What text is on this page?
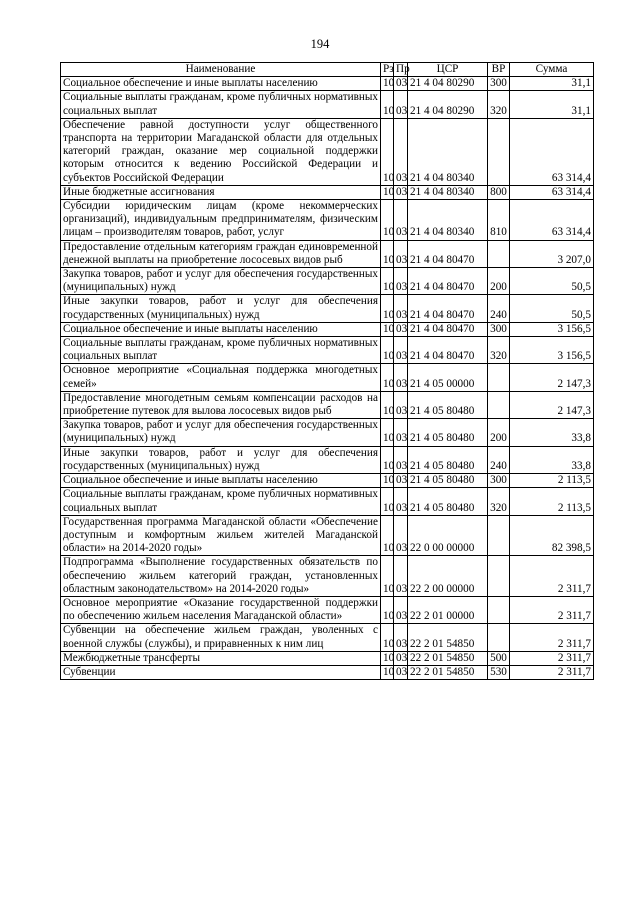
194
Наименование	Рз	Пр	ЦСР	ВР	Сумма
Социальное обеспечение и иные выплаты населению	10	03	21 4 04 80290	300	31,1
Социальные выплаты гражданам, кроме публичных нормативных социальных выплат	10	03	21 4 04 80290	320	31,1
Обеспечение равной доступности услуг общественного транспорта на территории Магаданской области для отдельных категорий граждан, оказание мер социальной поддержки которым относится к ведению Российской Федерации и субъектов Российской Федерации	10	03	21 4 04 80340		63 314,4
Иные бюджетные ассигнования	10	03	21 4 04 80340	800	63 314,4
Субсидии юридическим лицам (кроме некоммерческих организаций), индивидуальным предпринимателям, физическим лицам – производителям товаров, работ, услуг	10	03	21 4 04 80340	810	63 314,4
Предоставление отдельным категориям граждан единовременной денежной выплаты на приобретение лососевых видов рыб	10	03	21 4 04 80470		3 207,0
Закупка товаров, работ и услуг для обеспечения государственных (муниципальных) нужд	10	03	21 4 04 80470	200	50,5
Иные закупки товаров, работ и услуг для обеспечения государственных (муниципальных) нужд	10	03	21 4 04 80470	240	50,5
Социальное обеспечение и иные выплаты населению	10	03	21 4 04 80470	300	3 156,5
Социальные выплаты гражданам, кроме публичных нормативных социальных выплат	10	03	21 4 04 80470	320	3 156,5
Основное мероприятие «Социальная поддержка многодетных семей»	10	03	21 4 05 00000		2 147,3
Предоставление многодетным семьям компенсации расходов на приобретение путевок для вылова лососевых видов рыб	10	03	21 4 05 80480		2 147,3
Закупка товаров, работ и услуг для обеспечения государственных (муниципальных) нужд	10	03	21 4 05 80480	200	33,8
Иные закупки товаров, работ и услуг для обеспечения государственных (муниципальных) нужд	10	03	21 4 05 80480	240	33,8
Социальное обеспечение и иные выплаты населению	10	03	21 4 05 80480	300	2 113,5
Социальные выплаты гражданам, кроме публичных нормативных социальных выплат	10	03	21 4 05 80480	320	2 113,5
Государственная программа Магаданской области «Обеспечение доступным и комфортным жильем жителей Магаданской области» на 2014-2020 годы»	10	03	22 0 00 00000		82 398,5
Подпрограмма «Выполнение государственных обязательств по обеспечению жильем категорий граждан, установленных областным законодательством» на 2014-2020 годы»	10	03	22 2 00 00000		2 311,7
Основное мероприятие «Оказание государственной поддержки по обеспечению жильем населения Магаданской области»	10	03	22 2 01 00000		2 311,7
Субвенции на обеспечение жильем граждан, уволенных с военной службы (службы), и приравненных к ним лиц	10	03	22 2 01 54850		2 311,7
Межбюджетные трансферты	10	03	22 2 01 54850	500	2 311,7
Субвенции	10	03	22 2 01 54850	530	2 311,7
